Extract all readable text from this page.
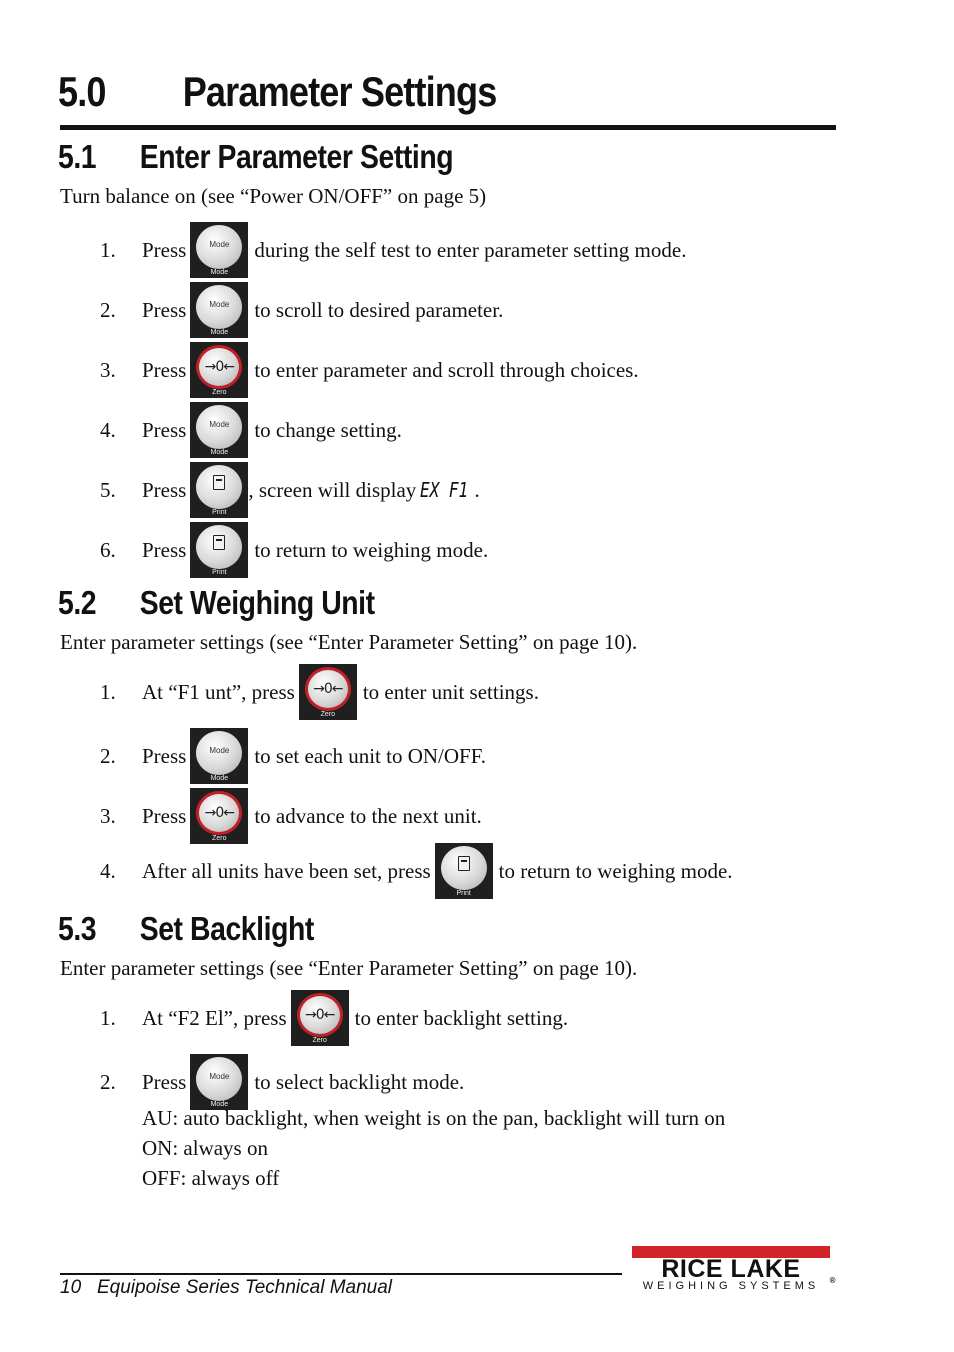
5.0 Parameter Settings
5.1 Enter Parameter Setting

Turn balance on (see “Power ON/OFF” on page 5)

1.	Press	Mode
Mode
during the self test to enter parameter setting mode.
2.	Press	Mode
Mode
to scroll to desired parameter.
3.	Press	→0←
Zero
to enter parameter and scroll through choices.
4.	Press	Mode
Mode
to change setting.
5.	Press
Print
, screen will display EX F1 .
6.	Press
Print
to return to weighing mode.
5.2 Set Weighing Unit

Enter parameter settings (see “Enter Parameter Setting” on page 10).

1.	At “F1 unt”, press	→0←
Zero
to enter unit settings.
2.	Press	Mode
Mode
to set each unit to ON/OFF.
3.	Press	→0←
Zero
to advance to the next unit.
4.	After all units have been set, press
Print
to return to weighing mode.
5.3 Set Backlight

Enter parameter settings (see “Enter Parameter Setting” on page 10).

1.	At “F2 El”, press	→0←
Zero
to enter backlight setting.
2.	Press	Mode
Mode
to select backlight mode.

AU: auto backlight, when weight is on the pan, backlight will turn on

ON: always on

OFF: always off

10 Equipoise Series Technical Manual
RICE LAKE	®
WEIGHING SYSTEMS
